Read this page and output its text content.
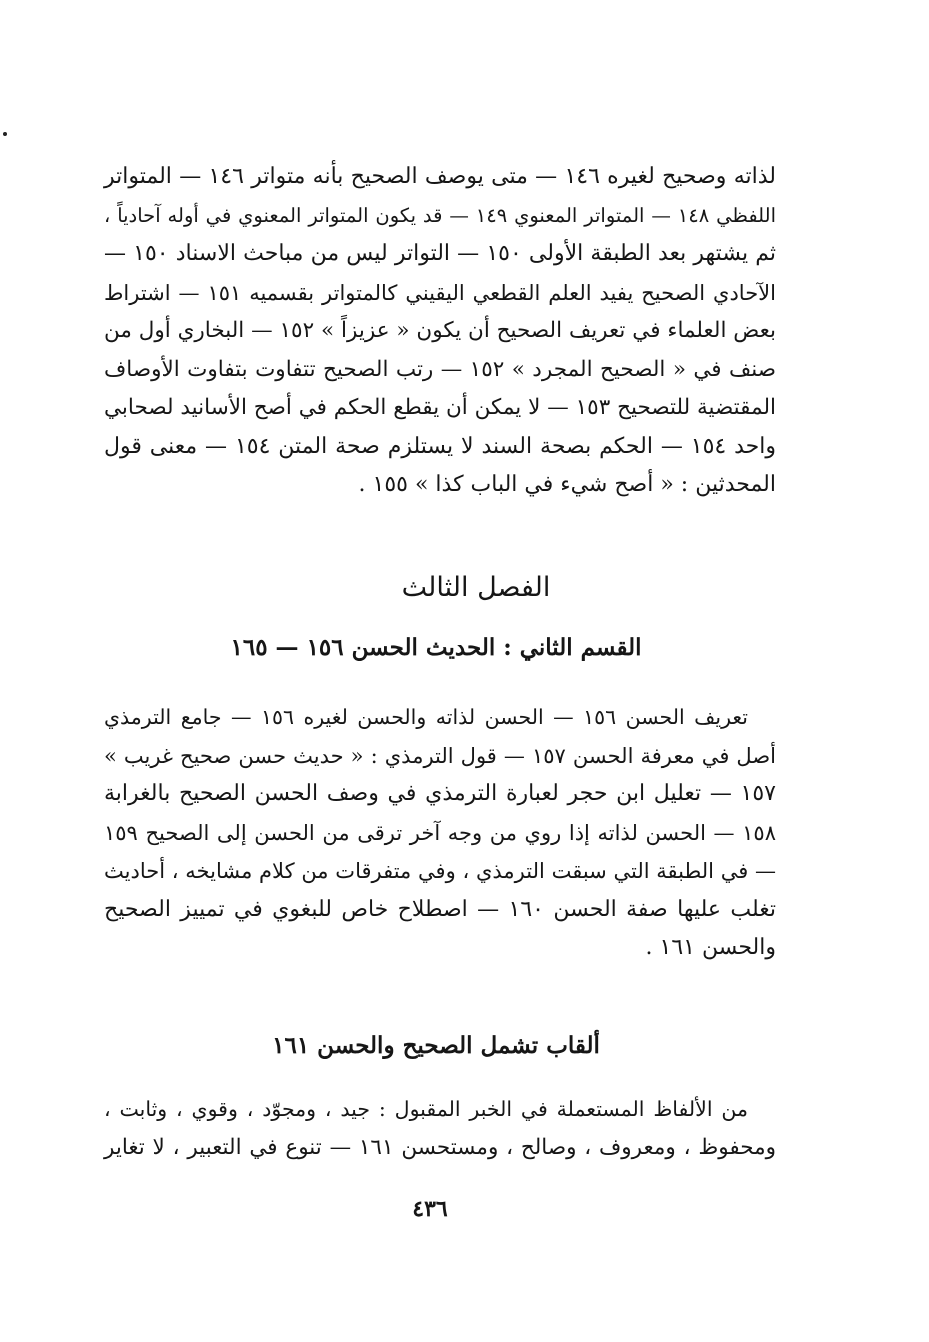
لذاته وصحيح لغيره ١٤٦ — متى يوصف الصحيح بأنه متواتر ١٤٦ — المتواتر
اللفظي ١٤٨ — المتواتر المعنوي ١٤٩ — قد يكون المتواتر المعنوي في أوله آحادياً ،
ثم يشتهر بعد الطبقة الأولى ١٥٠ — التواتر ليس من مباحث الاسناد ١٥٠ —
الآحادي الصحيح يفيد العلم القطعي اليقيني كالمتواتر بقسميه ١٥١ — اشتراط
بعض العلماء في تعريف الصحيح أن يكون « عزيزاً » ١٥٢ — البخاري أول من
صنف في « الصحيح المجرد » ١٥٢ — رتب الصحيح تتفاوت بتفاوت الأوصاف
المقتضية للتصحيح ١٥٣ — لا يمكن أن يقطع الحكم في أصح الأسانيد لصحابي
واحد ١٥٤ — الحكم بصحة السند لا يستلزم صحة المتن ١٥٤ — معنى قول
المحدثين : « أصح شيء في الباب كذا » ١٥٥ .
الفصل الثالث
القسم الثاني : الحديث الحسن ١٥٦ — ١٦٥
تعريف الحسن ١٥٦ — الحسن لذاته والحسن لغيره ١٥٦ — جامع الترمذي
أصل في معرفة الحسن ١٥٧ — قول الترمذي : « حديث حسن صحيح غريب »
١٥٧ — تعليل ابن حجر لعبارة الترمذي في وصف الحسن الصحيح بالغرابة
١٥٨ — الحسن لذاته إذا روي من وجه آخر ترقى من الحسن إلى الصحيح ١٥٩
— في الطبقة التي سبقت الترمذي ، وفي متفرقات من كلام مشايخه ، أحاديث
تغلب عليها صفة الحسن ١٦٠ — اصطلاح خاص للبغوي في تمييز الصحيح
والحسن ١٦١ .
ألقاب تشمل الصحيح والحسن ١٦١
من الألفاظ المستعملة في الخبر المقبول : جيد ، ومجوّد ، وقوي ، وثابت ،
ومحفوظ ، ومعروف ، وصالح ، ومستحسن ١٦١ — تنوع في التعبير ، لا تغاير
٤٣٦
